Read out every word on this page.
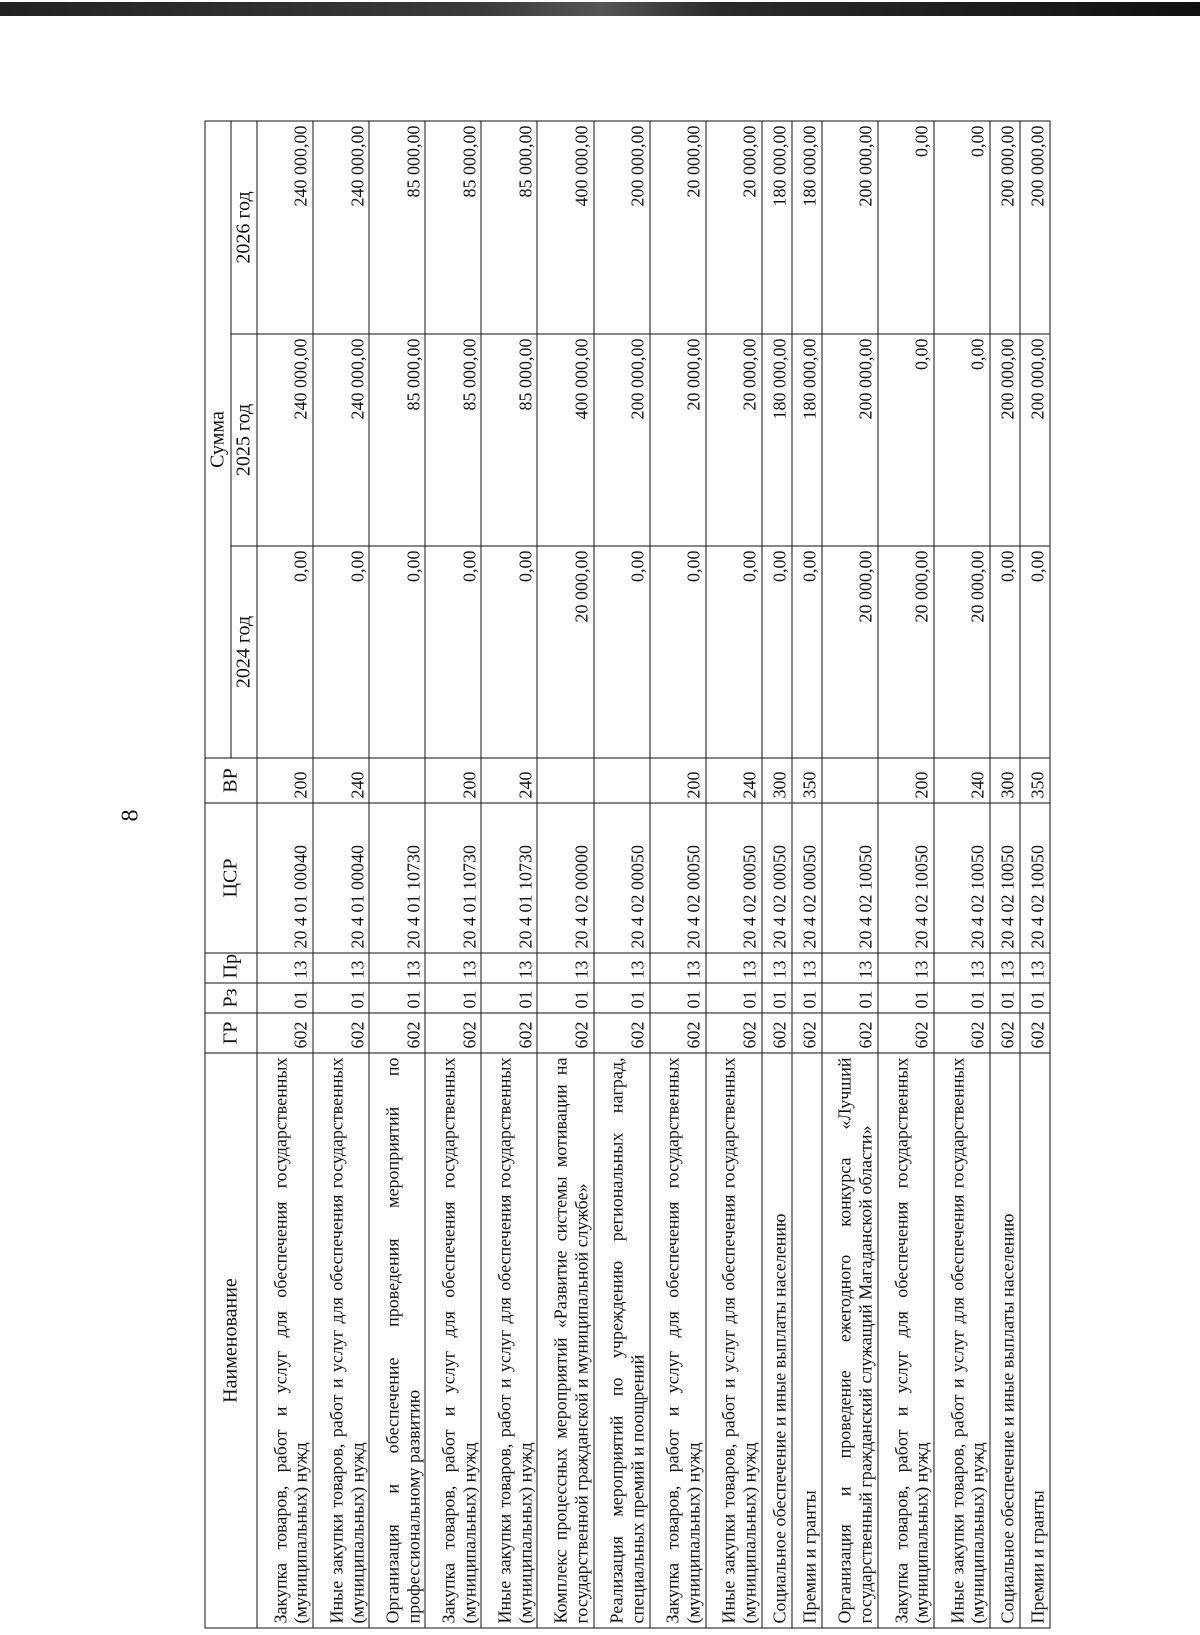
8
Наименование	ГР	Рз	Пр	ЦСР	ВР	Сумма		
						2024 год	2025 год	2026 год
Закупка товаров, работ и услуг для обеспечения государственных (муниципальных) нужд	602	01	13	20 4 01 00040	200	0,00	240 000,00	240 000,00
Иные закупки товаров, работ и услуг для обеспечения государственных (муниципальных) нужд	602	01	13	20 4 01 00040	240	0,00	240 000,00	240 000,00
Организация и обеспечение проведения мероприятий по профессиональному развитию	602	01	13	20 4 01 10730		0,00	85 000,00	85 000,00
Закупка товаров, работ и услуг для обеспечения государственных (муниципальных) нужд	602	01	13	20 4 01 10730	200	0,00	85 000,00	85 000,00
Иные закупки товаров, работ и услуг для обеспечения государственных (муниципальных) нужд	602	01	13	20 4 01 10730	240	0,00	85 000,00	85 000,00
Комплекс процессных мероприятий «Развитие системы мотивации на государственной гражданской и муниципальной службе»	602	01	13	20 4 02 00000		20 000,00	400 000,00	400 000,00
Реализация мероприятий по учреждению региональных наград, специальных премий и поощрений	602	01	13	20 4 02 00050		0,00	200 000,00	200 000,00
Закупка товаров, работ и услуг для обеспечения государственных (муниципальных) нужд	602	01	13	20 4 02 00050	200	0,00	20 000,00	20 000,00
Иные закупки товаров, работ и услуг для обеспечения государственных (муниципальных) нужд	602	01	13	20 4 02 00050	240	0,00	20 000,00	20 000,00
Социальное обеспечение и иные выплаты населению	602	01	13	20 4 02 00050	300	0,00	180 000,00	180 000,00
Премии и гранты	602	01	13	20 4 02 00050	350	0,00	180 000,00	180 000,00
Организация и проведение ежегодного конкурса «Лучший государственный гражданский служащий Магаданской области»	602	01	13	20 4 02 10050		20 000,00	200 000,00	200 000,00
Закупка товаров, работ и услуг для обеспечения государственных (муниципальных) нужд	602	01	13	20 4 02 10050	200	20 000,00	0,00	0,00
Иные закупки товаров, работ и услуг для обеспечения государственных (муниципальных) нужд	602	01	13	20 4 02 10050	240	20 000,00	0,00	0,00
Социальное обеспечение и иные выплаты населению	602	01	13	20 4 02 10050	300	0,00	200 000,00	200 000,00
Премии и гранты	602	01	13	20 4 02 10050	350	0,00	200 000,00	200 000,00
